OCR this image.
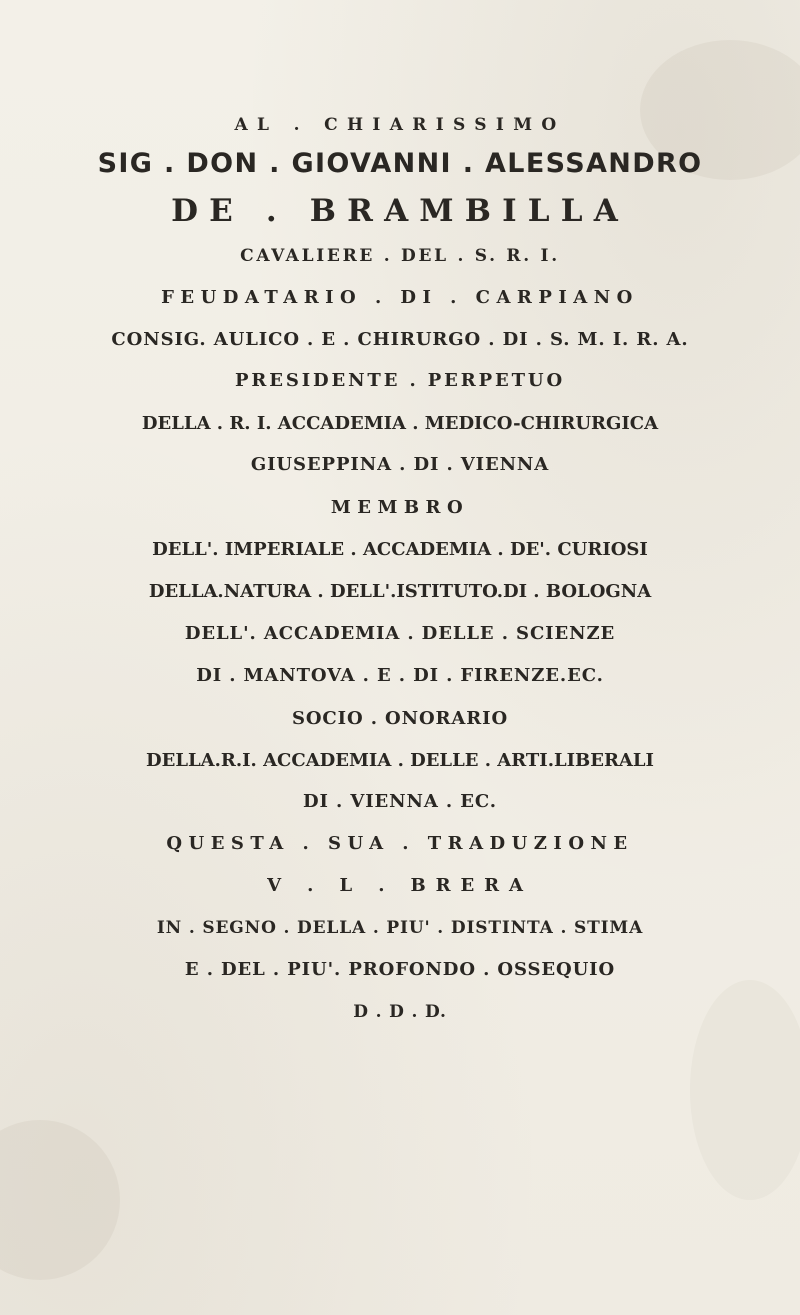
AL . CHIARISSIMO
SIG . DON . GIOVANNI . ALESSANDRO
DE . BRAMBILLA
CAVALIERE . DEL . S. R. I.
FEUDATARIO . DI . CARPIANO
CONSIG. AULICO . E . CHIRURGO . DI . S. M. I. R. A.
PRESIDENTE . PERPETUO
DELLA . R. I. ACCADEMIA . MEDICO-CHIRURGICA
GIUSEPPINA . DI . VIENNA
MEMBRO
DELL'. IMPERIALE . ACCADEMIA . DE'. CURIOSI
DELLA.NATURA . DELL'.ISTITUTO.DI . BOLOGNA
DELL'. ACCADEMIA . DELLE . SCIENZE
DI . MANTOVA . E . DI . FIRENZE.EC.
SOCIO . ONORARIO
DELLA.R.I. ACCADEMIA . DELLE . ARTI.LIBERALI
DI . VIENNA . EC.
QUESTA . SUA . TRADUZIONE
V . L . BRERA
IN . SEGNO . DELLA . PIU' . DISTINTA . STIMA
E . DEL . PIU'. PROFONDO . OSSEQUIO
D . D . D.
